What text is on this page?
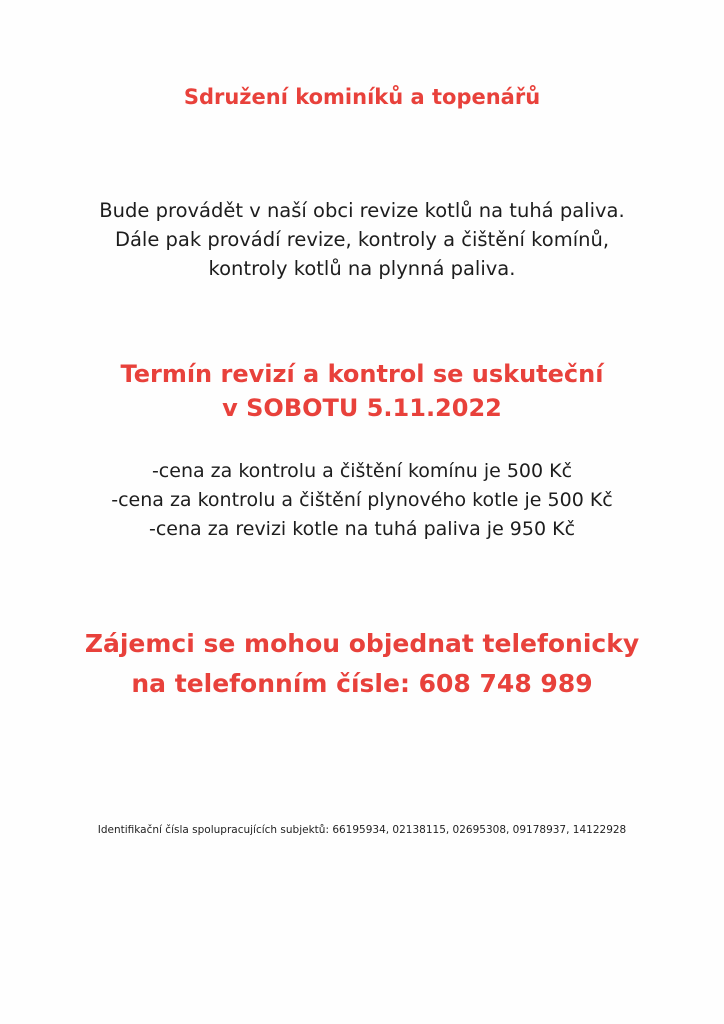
Sdružení kominíků a topenářů
Bude provádět v naší obci revize kotlů na tuhá paliva.
Dále pak provádí revize, kontroly a čištění komínů,
kontroly kotlů na plynná paliva.
Termín revizí a kontrol se uskuteční
v SOBOTU 5.11.2022
-cena za kontrolu a čištění komínu je 500 Kč
-cena za kontrolu a čištění plynového kotle je 500 Kč
-cena za revizi kotle na tuhá paliva je 950 Kč
Zájemci se mohou objednat telefonicky
na telefonním čísle: 608 748 989
Identifikační čísla spolupracujících subjektů: 66195934, 02138115, 02695308, 09178937, 14122928
